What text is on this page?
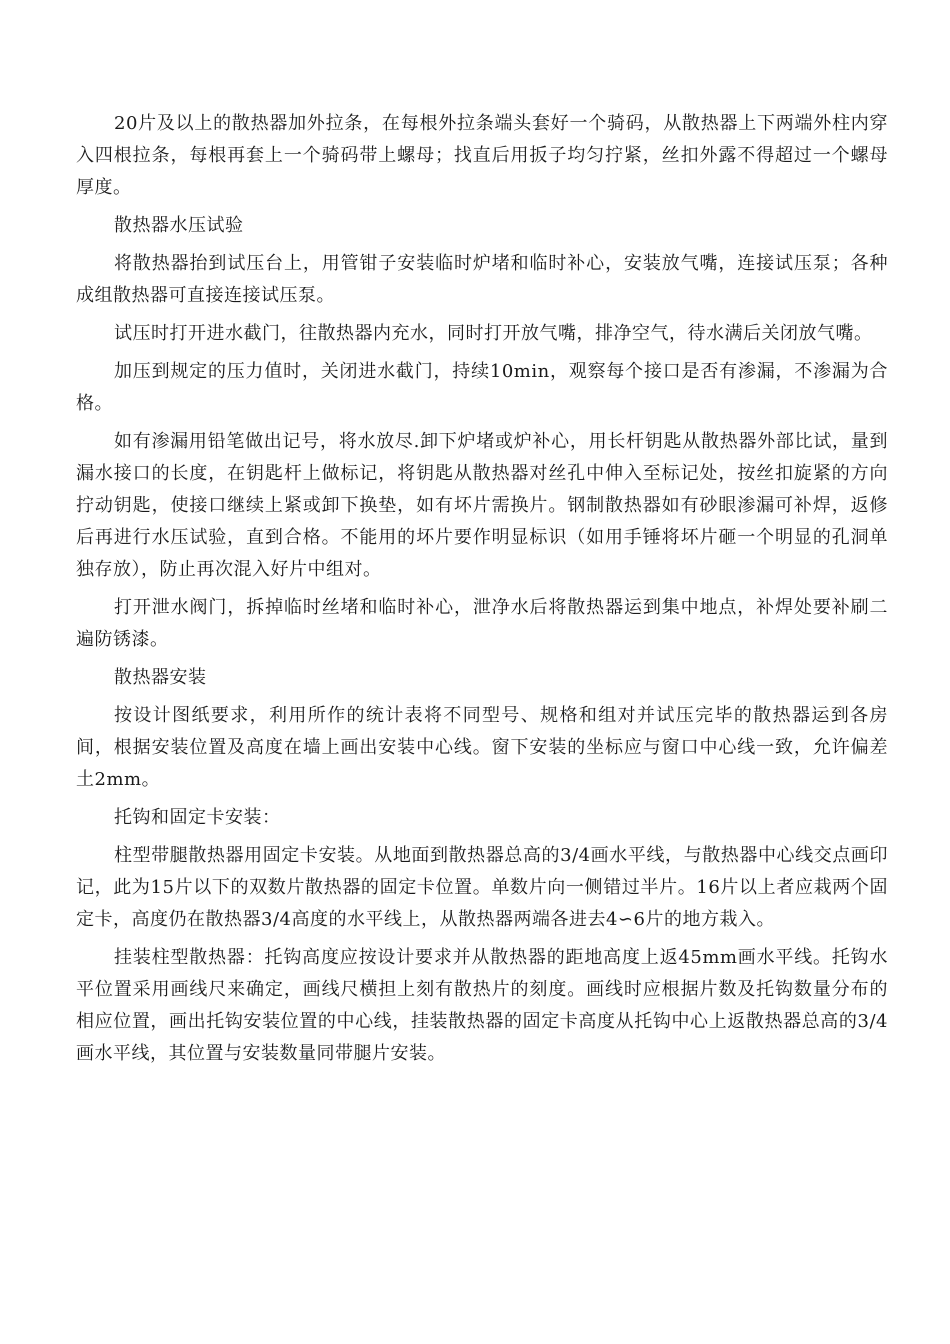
20片及以上的散热器加外拉条，在每根外拉条端头套好一个骑码，从散热器上下两端外柱内穿入四根拉条，每根再套上一个骑码带上螺母；找直后用扳子均匀拧紧，丝扣外露不得超过一个螺母厚度。

散热器水压试验

将散热器抬到试压台上，用管钳子安装临时炉堵和临时补心，安装放气嘴，连接试压泵；各种成组散热器可直接连接试压泵。

试压时打开进水截门，往散热器内充水，同时打开放气嘴，排净空气，待水满后关闭放气嘴。

加压到规定的压力值时，关闭进水截门，持续10min，观察每个接口是否有渗漏，不渗漏为合格。

如有渗漏用铅笔做出记号，将水放尽.卸下炉堵或炉补心，用长杆钥匙从散热器外部比试，量到漏水接口的长度，在钥匙杆上做标记，将钥匙从散热器对丝孔中伸入至标记处，按丝扣旋紧的方向拧动钥匙，使接口继续上紧或卸下换垫，如有坏片需换片。钢制散热器如有砂眼渗漏可补焊，返修后再进行水压试验，直到合格。不能用的坏片要作明显标识（如用手锤将坏片砸一个明显的孔洞单独存放），防止再次混入好片中组对。

打开泄水阀门，拆掉临时丝堵和临时补心，泄净水后将散热器运到集中地点，补焊处要补刷二遍防锈漆。

散热器安装

按设计图纸要求，利用所作的统计表将不同型号、规格和组对并试压完毕的散热器运到各房间，根据安装位置及高度在墙上画出安装中心线。窗下安装的坐标应与窗口中心线一致，允许偏差土2mm。

托钩和固定卡安装：

柱型带腿散热器用固定卡安装。从地面到散热器总高的3/4画水平线，与散热器中心线交点画印记，此为15片以下的双数片散热器的固定卡位置。单数片向一侧错过半片。16片以上者应栽两个固定卡，高度仍在散热器3/4高度的水平线上，从散热器两端各进去4∽6片的地方栽入。

挂装柱型散热器：托钩高度应按设计要求并从散热器的距地高度上返45mm画水平线。托钩水平位置采用画线尺来确定，画线尺横担上刻有散热片的刻度。画线时应根据片数及托钩数量分布的相应位置，画出托钩安装位置的中心线，挂装散热器的固定卡高度从托钩中心上返散热器总高的3/4画水平线，其位置与安装数量同带腿片安装。
